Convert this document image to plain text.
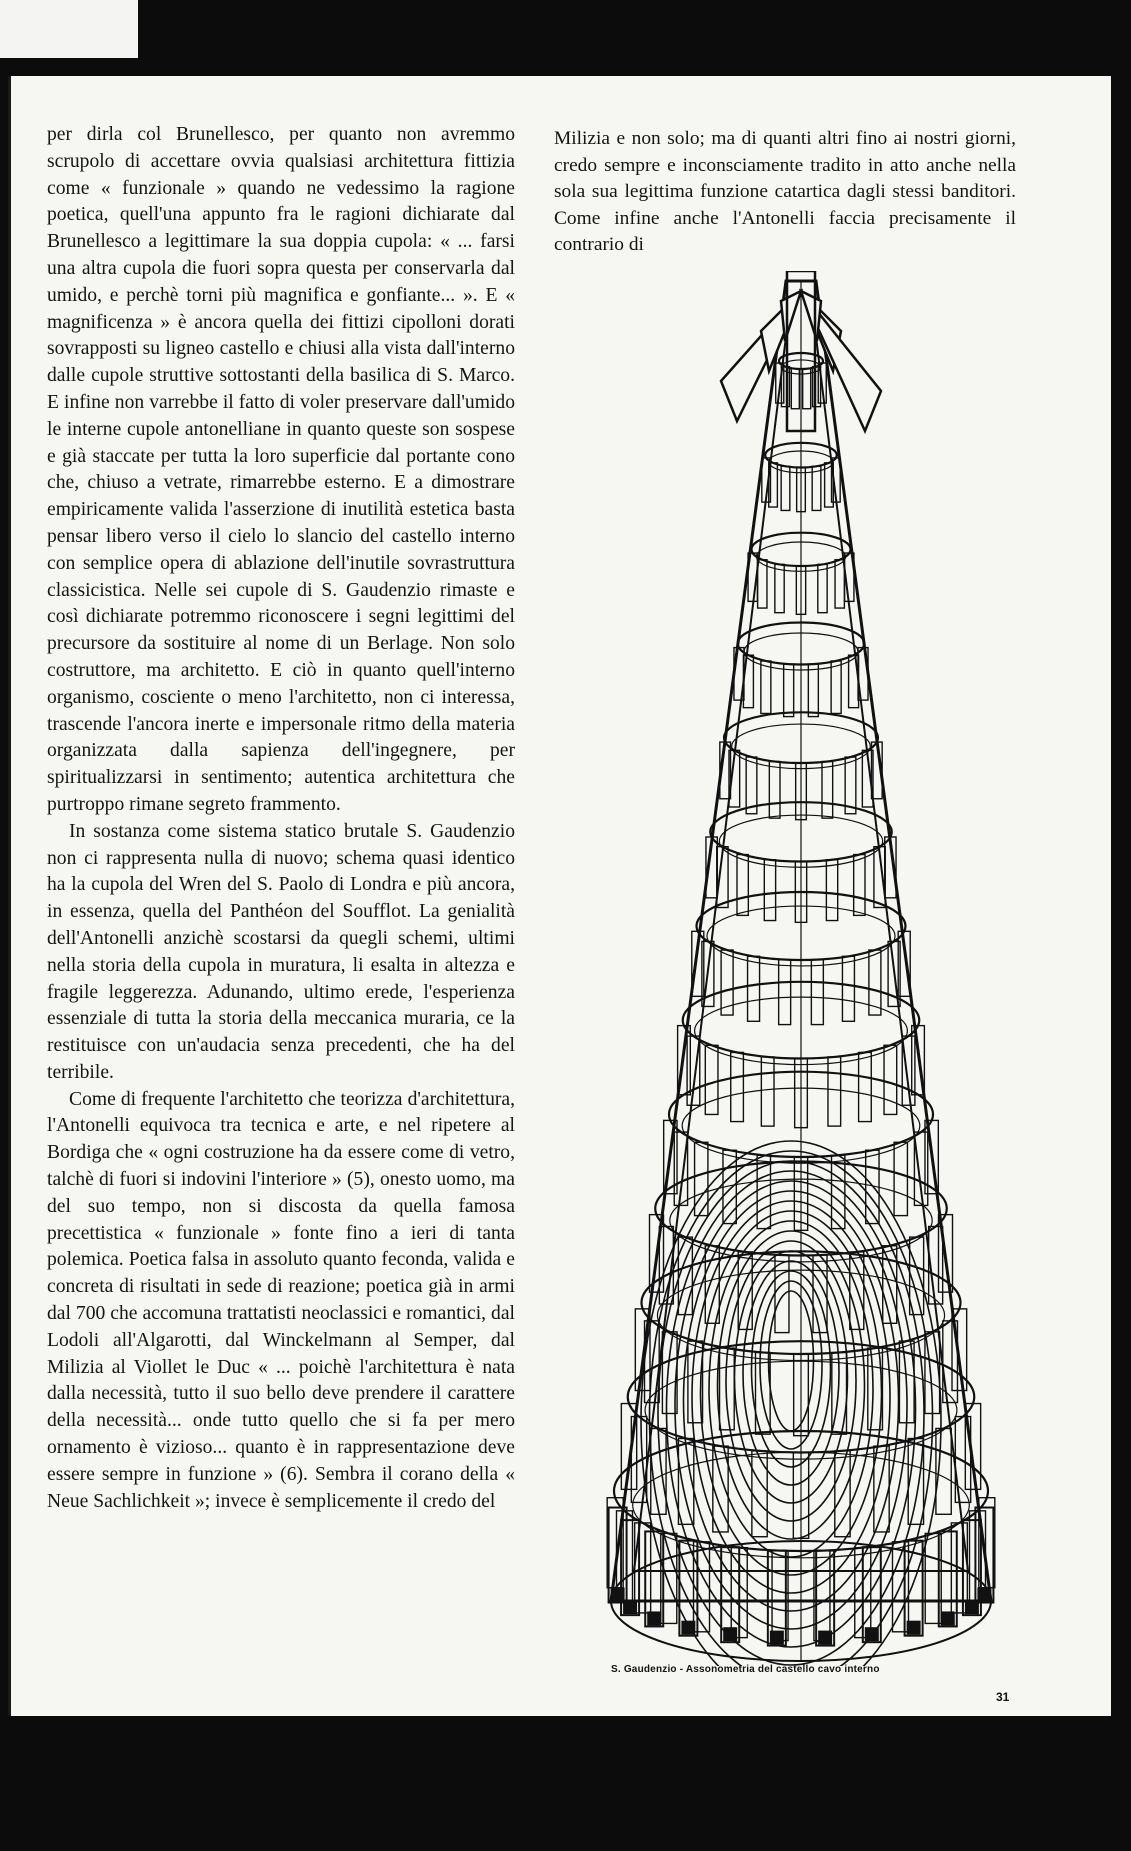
per dirla col Brunellesco, per quanto non avremmo scrupolo di accettare ovvia qualsiasi architettura fittizia come « funzionale » quando ne vedessimo la ragione poetica, quell'una appunto fra le ragioni dichiarate dal Brunellesco a legittimare la sua doppia cupola: « ... farsi una altra cupola die fuori sopra questa per conservarla dal umido, e perchè torni più magnifica e gonfiante... ». E « magnificenza » è ancora quella dei fittizi cipolloni dorati sovrapposti su ligneo castello e chiusi alla vista dall'interno dalle cupole struttive sottostanti della basilica di S. Marco. E infine non varrebbe il fatto di voler preservare dall'umido le interne cupole antonelliane in quanto queste son sospese e già staccate per tutta la loro superficie dal portante cono che, chiuso a vetrate, rimarrebbe esterno. E a dimostrare empiricamente valida l'asserzione di inutilità estetica basta pensar libero verso il cielo lo slancio del castello interno con semplice opera di ablazione dell'inutile sovrastruttura classicistica. Nelle sei cupole di S. Gaudenzio rimaste e così dichiarate potremmo riconoscere i segni legittimi del precursore da sostituire al nome di un Berlage. Non solo costruttore, ma architetto. E ciò in quanto quell'interno organismo, cosciente o meno l'architetto, non ci interessa, trascende l'ancora inerte e impersonale ritmo della materia organizzata dalla sapienza dell'ingegnere, per spiritualizzarsi in sentimento; autentica architettura che purtroppo rimane segreto frammento.

In sostanza come sistema statico brutale S. Gaudenzio non ci rappresenta nulla di nuovo; schema quasi identico ha la cupola del Wren del S. Paolo di Londra e più ancora, in essenza, quella del Panthéon del Soufflot. La genialità dell'Antonelli anzichè scostarsi da quegli schemi, ultimi nella storia della cupola in muratura, li esalta in altezza e fragile leggerezza. Adunando, ultimo erede, l'esperienza essenziale di tutta la storia della meccanica muraria, ce la restituisce con un'audacia senza precedenti, che ha del terribile.

Come di frequente l'architetto che teorizza d'architettura, l'Antonelli equivoca tra tecnica e arte, e nel ripetere al Bordiga che « ogni costruzione ha da essere come di vetro, talchè di fuori si indovini l'interiore » (5), onesto uomo, ma del suo tempo, non si discosta da quella famosa precettistica « funzionale » fonte fino a ieri di tanta polemica. Poetica falsa in assoluto quanto feconda, valida e concreta di risultati in sede di reazione; poetica già in armi dal 700 che accomuna trattatisti neoclassici e romantici, dal Lodoli all'Algarotti, dal Winckelmann al Semper, dal Milizia al Viollet le Duc « ... poichè l'architettura è nata dalla necessità, tutto il suo bello deve prendere il carattere della necessità... onde tutto quello che si fa per mero ornamento è vizioso... quanto è in rappresentazione deve essere sempre in funzione » (6). Sembra il corano della « Neue Sachlichkeit »; invece è semplicemente il credo del

Milizia e non solo; ma di quanti altri fino ai nostri giorni, credo sempre e inconsciamente tradito in atto anche nella sola sua legittima funzione catartica dagli stessi banditori. Come infine anche l'Antonelli faccia precisamente il contrario di

S. Gaudenzio - Assonometria del castello cavo interno
31
